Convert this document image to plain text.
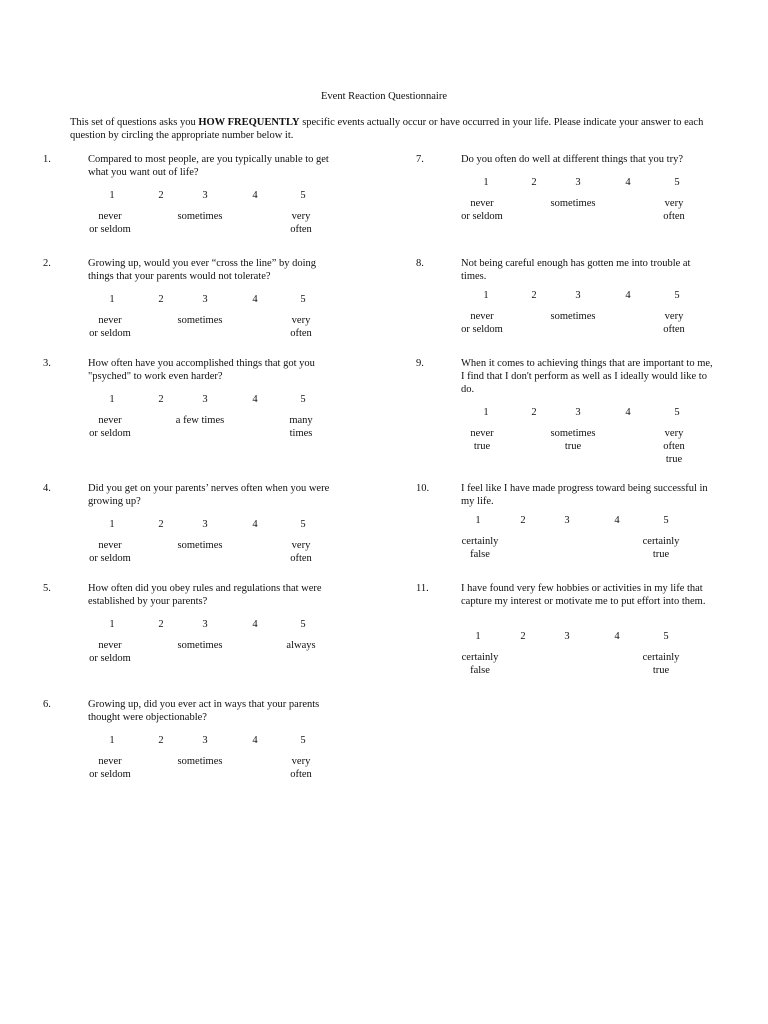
Event Reaction Questionnaire
This set of questions asks you HOW FREQUENTLY specific events actually occur or have occurred in your life. Please indicate your answer to each question by circling the appropriate number below it.
1.	Compared to most people, are you typically unable to get what you want out of life?
1	2	3	4	5
never
or seldom
sometimes	very
often
2.	Growing up, would you ever “cross the line” by doing things that your parents would not tolerate?
1	2	3	4	5
never
or seldom
sometimes	very
often
3.	How often have you accomplished things that got you "psyched" to work even harder?
1	2	3	4	5
never
or seldom
a few times	many
times
4.	Did you get on your parents’ nerves often when you were growing up?
1	2	3	4	5
never
or seldom
sometimes	very
often
5.	How often did you obey rules and regulations that were established by your parents?
1	2	3	4	5
never
or seldom
sometimes	always
6.	Growing up, did you ever act in ways that your parents thought were objectionable?
1	2	3	4	5
never
or seldom
sometimes	very
often
7.	Do you often do well at different things that you try?
1	2	3	4	5
never
or seldom
sometimes	very
often
8.	Not being careful enough has gotten me into trouble at times.
1	2	3	4	5
never
or seldom
sometimes	very
often
9.	When it comes to achieving things that are important to me, I find that I don't perform as well as I ideally would like to do.
1	2	3	4	5
never
true
sometimes
true
very
often
true
10.	I feel like I have made progress toward being successful in my life.
1	2	3	4	5
certainly
false
certainly
true
11.	I have found very few hobbies or activities in my life that capture my interest or motivate me to put effort into them.
1	2	3	4	5
certainly
false
certainly
true
